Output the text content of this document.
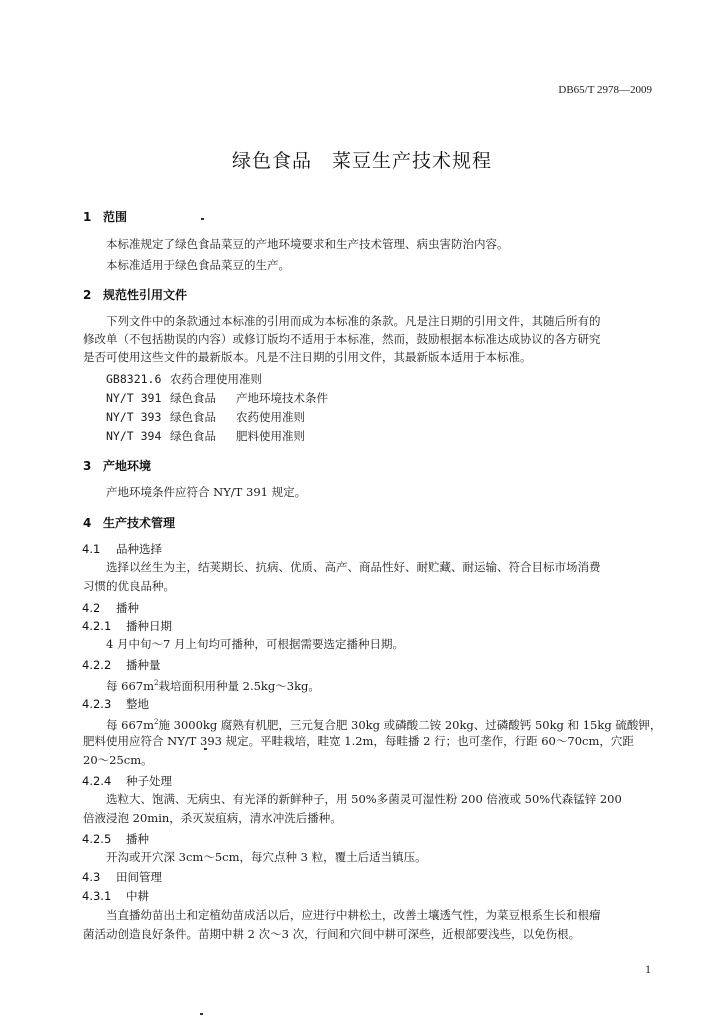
DB65/T 2978—2009
绿色食品　菜豆生产技术规程
1 范围
本标准规定了绿色食品菜豆的产地环境要求和生产技术管理、病虫害防治内容。
本标准适用于绿色食品菜豆的生产。
2 规范性引用文件
下列文件中的条款通过本标准的引用而成为本标准的条款。凡是注日期的引用文件，其随后所有的
修改单（不包括勘误的内容）或修订版均不适用于本标准，然而，鼓励根据本标准达成协议的各方研究
是否可使用这些文件的最新版本。凡是不注日期的引用文件，其最新版本适用于本标准。
GB8321.6 农药合理使用准则
NY/T 391 绿色食品 产地环境技术条件
NY/T 393 绿色食品 农药使用准则
NY/T 394 绿色食品 肥料使用准则
3 产地环境
产地环境条件应符合 NY/T 391 规定。
4 生产技术管理
4.1 品种选择
选择以丝生为主，结荚期长、抗病、优质、高产、商品性好、耐贮藏、耐运输、符合目标市场消费
习惯的优良品种。
4.2 播种
4.2.1 播种日期
4 月中旬～7 月上旬均可播种，可根据需要选定播种日期。
4.2.2 播种量
每 $667m^2$栽培面积用种量 2.5kg～3kg。
4.2.3 整地
每 $667m^2$施 3000kg 腐熟有机肥，三元复合肥 30kg 或磷酸二铵 20kg、过磷酸钙 50kg 和 15kg 硫酸钾，
肥料使用应符合 NY/T 393 规定。平畦栽培，畦宽 1.2m，每畦播 2 行；也可垄作，行距 60～70cm，穴距
20～25cm。
4.2.4 种子处理
选粒大、饱满、无病虫、有光泽的新鲜种子，用 50%多菌灵可湿性粉 200 倍液或 50%代森锰锌 200
倍液浸泡 20min，杀灭炭疽病，清水冲洗后播种。
4.2.5 播种
开沟或开穴深 3cm～5cm，每穴点种 3 粒，覆土后适当镇压。
4.3 田间管理
4.3.1 中耕
当直播幼苗出土和定植幼苗成活以后，应进行中耕松土，改善土壤透气性，为菜豆根系生长和根瘤
菌活动创造良好条件。苗期中耕 2 次～3 次，行间和穴间中耕可深些，近根部要浅些，以免伤根。
1
